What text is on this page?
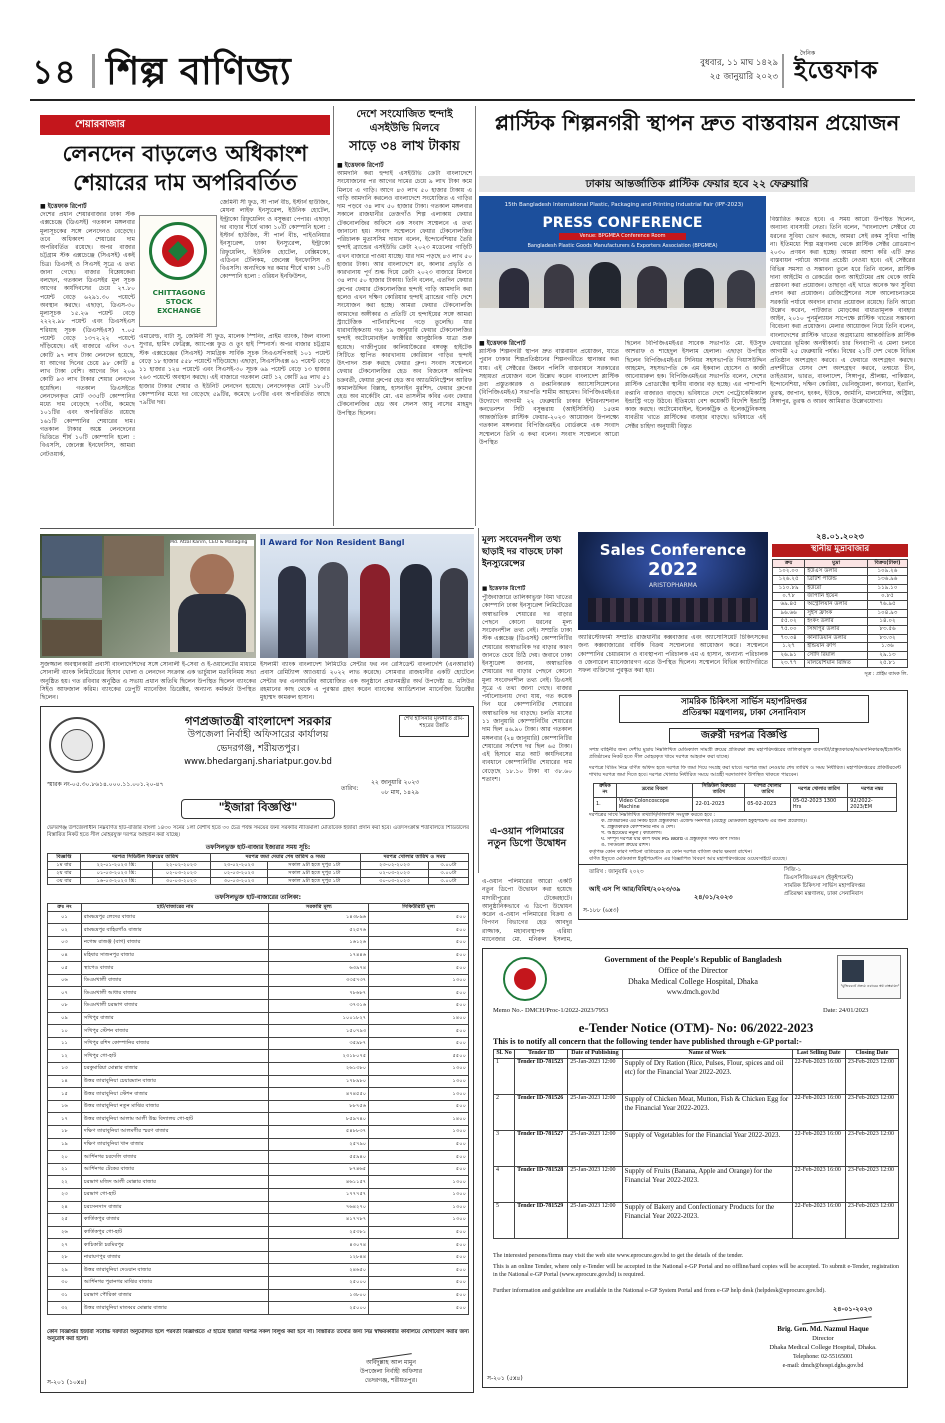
১৪ শিল্প বাণিজ্য	বুধবার, ১১ মাঘ ১৪২৯
২৫ জানুয়ারি ২০২৩
দৈনিক
ইত্তেফাক
শেয়ারবাজার
লেনদেন বাড়লেও অধিকাংশ শেয়ারের দাম অপরিবর্তিত
■ ইত্তেফাক রিপোর্ট
দেশের প্রধান শেয়ারবাজার ঢাকা স্টক এক্সচেঞ্জে (ডিএসই) গতকাল মঙ্গলবার মূল্যসূচকের সঙ্গে লেনদেনও বেড়েছে। তবে অধিকাংশ শেয়ারের দাম অপরিবর্তিত রয়েছে। অপর বাজার চট্টগ্রাম স্টক এক্সচেঞ্জে (সিএসই) একই চিত্র। ডিএসই ও সিএসই সূত্রে এ তথ্য জানা গেছে। বাজার বিশ্লেষকেরা বলছেন, গতকাল ডিএসইর মূল সূচক আগের কার্যদিবসের চেয়ে ২৭.৮০ পয়েন্ট বেড়ে ৬২৯১.৩০ পয়েন্টে অবস্থান করছে। এছাড়া, ডিএস-৩০ মূল্যসূচক ১৫.২৬ পয়েন্ট বেড়ে ২২২২.৯৮ পয়েন্ট এবং ডিএসইএস শরিয়াহ সূচক (ডিএসইএস) ৭.০৫ পয়েন্ট বেড়ে ১৩৭২.২২ পয়েন্টে দাঁড়িয়েছে। এই বাজারে এদিন ৩০৭ কোটি ৯৭ লাখ টাকা লেনদেন হয়েছে, যা আগের দিনের চেয়ে ৯৮ কোটি ৪ লাখ টাকা বেশি। আগের দিন ২০৯ কোটি ৯৩ লাখ টাকার শেয়ার লেনদেন হয়েছিল। গতকাল ডিএসইতে লেনদেনকৃত মোট ৩৩৫টি কোম্পানির মধ্যে দাম বেড়েছে ৭৩টির, কমেছে ১০১টির এবং অপরিবর্তিত রয়েছে ১৬১টি কোম্পানির শেয়ারের দাম। গতকাল টাকার অঙ্কে লেনদেনের ভিত্তিতে শীর্ষ ১০টি কোম্পানি হলো : বিএসসি, জেনেক্স ইনফোসিস, আমরা নেটওয়ার্ক,
CHITTAGONG STOCK EXCHANGE
জেমিনী সী ফুড, সী পার্ল বীচ, ইস্টার্ন হাউজিং, মেঘনা লাইফ ইনস্যুরেন্স, ইউনিক হোটেল, ইন্ট্রাকো রিফুয়েলিং ও বসুন্ধরা পেপার। এছাড়া দর বাড়ার শীর্ষে থাকা ১০টি কোম্পানি হলো : ইস্টার্ন হাউজিং, সী পার্ল বীচ, পাইওনিয়ার ইনস্যুরেন্স, ঢাকা ইনস্যুরেন্স, ইন্ট্রাকো রিফুয়েলিং, ইউনিক হোটেল, বেক্সিমকো, এডিএন টেলিকম, জেনেক্স ইনফোসিস ও বিএসসি। অন্যদিকে দর কমার শীর্ষে থাকা ১০টি কোম্পানি হলো : ওরিয়ন ইনফিউশন,
এমারেল্ড, বাটা সু, জেমিনী সী ফুড, মালেক স্পিনিং, প্রাইম ব্যাংক, জিল বাংলা সুগার, হামিদ ফেব্রিক্স, অ্যাপেক্স ফুড ও তুং হাই স্পিনার্স। অপর বাজার চট্টগ্রাম স্টক এক্সচেঞ্জের (সিএসই) সামগ্রিক সার্বিক সূচক সিএএসপিআই ১০১ পয়েন্ট বেড়ে ১৮ হাজার ৫৫৮ পয়েন্টে দাঁড়িয়েছে। এছাড়া, সিএসসিএক্স ৬১ পয়েন্ট বেড়ে ১১ হাজার ১২৪ পয়েন্টে এবং সিএসই-৩০ সূচক ৬৯ পয়েন্ট বেড়ে ১৩ হাজার ২৬৩ পয়েন্টে অবস্থান করছে। এই বাজারে গতকাল মোট ১২ কোটি ৯৪ লাখ ৫১ হাজার টাকার শেয়ার ও ইউনিট লেনদেন হয়েছে। লেনদেনকৃত মোট ১৮০টি কোম্পানির মধ্যে দর বেড়েছে ৫৯টির, কমেছে ৮৩টির এবং অপরিবর্তিত আছে ৭৯টির দর।
দেশে সংযোজিত হুন্দাই এসইউভি মিলবে
সাড়ে ৩৪ লাখ টাকায়
■ ইত্তেফাক রিপোর্ট
আমদানি করা হুন্দাই এসইউভি ক্রেটা বাংলাদেশে সংযোজনের পর আগের দামের চেয়ে ৯ লাখ টাকা কমে মিলবে এ গাড়ি। আগে ৪৩ লাখ ৫০ হাজার টাকায় এ গাড়ি আমদানি করলেও বাংলাদেশে সংযোজিত এ গাড়ির দাম পড়বে ৩৪ লাখ ৫০ হাজার টাকা। গতকাল মঙ্গলবার সকালে রাজধানীর তেজগাঁও শিল্প এলাকায় ফেয়ার টেকনোলজির অফিসে এক সংবাদ সম্মেলনে এ তথ্য জানানো হয়। সংবাদ সম্মেলনে ফেয়ার টেকনোলজির পরিচালক মুতাসসিম দায়ান বলেন, ইন্দোনেশিয়ার তৈরি হুন্দাই ব্র্যান্ডের এসইউভি ক্রেটা ২০২৩ মডেলের গাড়িটি এখন বাজারে পাওয়া যাচ্ছে। যার দাম পড়ছে ৪৩ লাখ ৫০ হাজার টাকা। আর বাংলাদেশে রং, কালার প্রভৃতি ও কারখানায় পূর্ণ শুল্ক দিয়ে ক্রেটা ২০২৩ বাজারে মিলবে ৩৪ লাখ ৫০ হাজার টাকায়। তিনি বলেন, এতদিন ফেয়ার গ্রুপের ফেয়ার টেকনোলজির হুন্দাই গাড়ি আমদানি করা হলেও এখন দক্ষিণ কোরিয়ার হুন্দাই ব্র্যান্ডের গাড়ি দেশে সংযোজন করা হচ্ছে। আমরা ফেয়ার টেকনোলজি আমাদের অঙ্গীকার ও প্রতিটি যে হুন্দাইয়ের সঙ্গে আমরা স্ট্র্যাটেজিক পার্টনারশিপের গড়ে তুলেছি। যার ধারাবাহিকতায় গত ১৯ জানুয়ারি ফেয়ার টেকনোলজির হুন্দাই অটোমোবাইল ফ্যাক্টরির আনুষ্ঠানিক যাত্রা শুরু হয়েছে। গাজীপুরের কালিয়াকৈরের বঙ্গবন্ধু হাইটেক সিটিতে স্থাপিত কারখানায় কোরিয়ান গাড়ির হুন্দাই উৎপাদন শুরু করছে ফেয়ার গ্রুপ। সংবাদ সম্মেলনে ফেয়ার টেকনোলজির হেড অব বিজনেস অরিন্দম চক্রবর্তী, ফেয়ার গ্রুপের হেড অব অ্যাডমিনিস্ট্রেশন আরিফ কামালউদ্দিন বিল্লাহ, হাসনাইন মুরশিদ, ফেয়ার গ্রুপের হেড অব মার্কেটিং মো. এম তাসলীম কবির এবং ফেয়ার টেকনোলজির হেড অব সেলস আবু নাসের মাহমুদ উপস্থিত ছিলেন।
প্লাস্টিক শিল্পনগরী স্থাপন দ্রুত বাস্তবায়ন প্রয়োজন
ঢাকায় আন্তর্জাতিক প্লাস্টিক ফেয়ার হবে ২২ ফেব্রুয়ারি
15th Bangladesh International Plastic, Packaging and Printing Industrial Fair (IPF-2023)
PRESS CONFERENCE
Venue: BPGMEA Conference Room
Bangladesh Plastic Goods Manufacturers & Exporters Association (BPGMEA)
বিস্তারিত করতে হবে। এ সময় আরো উপস্থিত ছিলেন, অন্যান্য ব্যবসায়ী নেতা। তিনি বলেন, "বাংলাদেশ সেক্টরে যে ধরনের সুবিধা ভোগ করছে, আমরা সেই রকম সুবিধা পাচ্ছি না। ইতিমধ্যে শিল্প মন্ত্রণালয় থেকে প্লাস্টিক সেক্টর রোডম্যাপ ২০৩০ প্রণয়ন করা হচ্ছে। আমরা আশা করি এটি দ্রুত বাস্তবায়ন পর্যায়ে আনার প্রচেষ্টা নেওয়া হবে। এই সেক্টরের বিভিন্ন সমস্যা ও সম্ভাবনা তুলে ধরে তিনি বলেন, প্লাস্টিক দানা আইটেম ও রেকর্ডের জন্য আইটেমের প্রশ্ন থেকে আমি প্রস্তাবনা করা প্রয়োজন। তাছাড়া এই খাতে অনেক ঋণ সুবিধা প্রদান করা প্রয়োজন। রেজিস্ট্রেশনের সঙ্গে আলোচনাক্রমে সরকারি পর্যায়ে অবদান রাখার প্রয়োজন রয়েছে। তিনি আরো উল্লেখ করেন, পাটজাত মোড়কের বাধ্যতামূলক ব্যবহার আইন, ২০১০ পুনর্মূল্যায়ন সাপেক্ষে প্লাস্টিক খাতের সম্ভাবনা বিবেচনা করা প্রয়োজন। মেলার আয়োজন নিয়ে তিনি বলেন, বাংলাদেশের প্লাস্টিক খাতের অগ্রযাত্রায় আন্তর্জাতিক প্লাস্টিক ফেয়ারের ভূমিকা অনস্বীকার্য। চার দিনব্যাপী এ মেলা চলবে আগামী ২৫ ফেব্রুয়ারি পর্যন্ত। বিশ্বের ২১টি দেশ থেকে বিভিন্ন প্রতিষ্ঠান অংশগ্রহণ করবে। এ ফেয়ারে অংশগ্রহণ করছে। প্রদর্শনীতে যেসব দেশ অংশগ্রহণ করবে, তন্মধ্যে চীন, তাইওয়ান, ভারত, বাংলাদেশ, সিঙ্গাপুর, শ্রীলঙ্কা, পাকিস্তান, ইন্দোনেশিয়া, দক্ষিণ কোরিয়া, ভেনিজুয়েলা, কানাডা, ইতালি, তুরস্ক, জাপান, হংকং, ইউকে, জার্মানি, মালয়েশিয়া, অস্ট্রিয়া, সিঙ্গাপুর, তুরস্ক ও আরব আমিরাত উল্লেখযোগ্য।
■ ইত্তেফাক রিপোর্ট
প্লাস্টিক শিল্পনগরী স্থাপন দ্রুত বাস্তবায়ন প্রয়োজন, যাতে পুরান ঢাকার শিল্পপ্রতিষ্ঠানের শিল্পনগরীতে স্থানান্তর করা যায়। এই সেক্টরের উন্নয়ন পলিসি বাস্তবায়নে সরকারের সহায়তা প্রয়োজন বলে উল্লেখ করেন বাংলাদেশ প্লাস্টিক দ্রব্য প্রস্তুতকারক ও রপ্তানিকারক অ্যাসোসিয়েশনের (বিপিজিএমইএ) সভাপতি শামীম আহমেদ। বিপিজিএমইএর উদ্যোগে আগামী ২২ ফেব্রুয়ারি ঢাকার ইন্টারন্যাশনাল কনভেনশন সিটি বসুন্ধরায় (আইসিসিবি) ১৫তম আন্তর্জাতিক প্লাস্টিক ফেয়ার-২০২৩ আয়োজন উপলক্ষ্যে গতকাল মঙ্গলবার বিপিজিএমইএ বোর্ডরুমে এক সংবাদ সম্মেলনে তিনি এ কথা বলেন। সংবাদ সম্মেলনে আরো উপস্থিত
ছিলেন বিপিজিএমইএর সাবেক সভাপতি মো. ইউসুফ আশরাফ ও শাহেদুল ইসলাম হেলাল। এছাড়া উপস্থিত ছিলেন বিপিজিএমইএর সিনিয়র সহসভাপতি গিয়াসউদ্দিন আহমেদ, সহসভাপতি কে এম ইকবাল হোসেন ও কাজী আনোয়ারুল হক। বিপিজিএমইএর সভাপতি বলেন, দেশের প্লাস্টিক প্রোডাক্টের স্থানীয় বাজার বড় হচ্ছে। এর পাশাপাশি রপ্তানি বাজারও বাড়ছে। ভবিষ্যতে দেশে পেট্রোকেমিক্যাল ইন্ডাস্ট্রি গড়ে উঠবে। ইতিমধ্যে বেশ কয়েকটি বিদেশি ইন্ডাস্ট্রি কাজ করছে। অটোমোবাইল, ইলেকট্রিক ও ইলেকট্রনিকসহ যাবতীয় খাতে প্লাস্টিকের ব্যবহার বাড়ছে। ভবিষ্যতে এই সেক্টর চাহিদা অনুযায়ী বিস্তৃত
Md. Afzal Karim, CEO & Managing	Il Award for Non Resident Bangl
সুজজ্জাল অবস্থানকারী প্রবাসী বাংলাদেশিদের সঙ্গে সোনালী ই-সেবা ও ই-ওয়ালেটের মাধ্যমে সোনালী ব্যাংক লিমিটেডের হিসাব খোলা ও লেনদেন সংক্রান্ত এক ভার্চুয়াল মতবিনিময় সভা অনুষ্ঠিত হয়। গত রবিবার অনুষ্ঠিত এ সভায় প্রধান অতিথি ছিলেন উপস্থিত ছিলেন ব্যাংকের সিইও আফজাল করিম। ব্যাংকের ডেপুটি ম্যানেজিং ডিরেক্টর, অন্যান্য কর্মকর্তা উপস্থিত ছিলেন।
ইসলামী ব্যাংক বাংলাদেশ লিমিটেড সেন্টার ফর নন রেসিডেন্ট বাংলাদেশি (এনআরবি) প্রবাস রেমিট্যান্স অ্যাওয়ার্ড ২০২২ লাভ করেছে। সোমবার রাজধানীর একটি হোটেলে সেন্টার ফর এনআরবির আয়োজিত এক অনুষ্ঠানে প্রধানমন্ত্রীর অর্থ উপদেষ্টা ড. মসিউর রহমানের কাছ থেকে এ পুরস্কার গ্রহণ করেন ব্যাংকের অ্যাডিশনাল ম্যানেজিং ডিরেক্টর মুহাম্মদ কামরুল হাসান।
মূল্য সংবেদনশীল তথ্য ছাড়াই দর বাড়ছে ঢাকা ইনস্যুরেন্সের
■ ইত্তেফাক রিপোর্ট
পুঁজিবাজারে তালিকাভুক্ত বিমা খাতের কোম্পানি ঢাকা ইনস্যুরেন্স লিমিটেডের অস্বাভাবিক শেয়ারের দর বাড়ার পেছনে কোনো ধরনের মূল্য সংবেদনশীল তথ্য নেই। সম্প্রতি ঢাকা স্টক এক্সচেঞ্জ (ডিএসই) কোম্পানিটির শেয়ারের অস্বাভাবিক দর বাড়ার কারণ জানতে চেয়ে চিঠি দেয়। জবাবে ঢাকা ইনস্যুরেন্স জানায়, অস্বাভাবিক শেয়ারের দর বাড়ার পেছনে কোনো মূল্য সংবেদনশীল তথ্য নেই। ডিএসই সূত্রে এ তথ্য জানা গেছে। বাজার পর্যালোচনায় দেখা যায়, গত কয়েক দিন ধরে কোম্পানিটির শেয়ারের অস্বাভাবিক দর বাড়ছে। চলতি মাসের ১১ জানুয়ারি কোম্পানিটির শেয়ারের দাম ছিল ৪৬.৯০ টাকা। আর গতকাল মঙ্গলবার (২৪ জানুয়ারি) কোম্পানিটির শেয়ারের সর্বশেষ দর ছিল ৬৫ টাকা। এই হিসাবে মাত্র আট কার্যদিবসের ব্যবধানে কোম্পানিটির শেয়ারের দাম বেড়েছে ১৮.১০ টাকা বা ৩৮.৬০ শতাংশ।
Sales Conference
2022
ARISTOPHARMA
অ্যারিস্টোফার্মা সম্প্রতি রাজধানীর কক্সবাজার এবং অ্যাসোসিয়েট চিকিৎসকের জন্য কক্সবাজারের বার্ষিক বিক্রয় সম্মেলনের আয়োজন করে। সম্মেলনে কোম্পানির চেয়ারম্যান ও ব্যবস্থাপনা পরিচালক এম এ হাসান, অন্যান্য পরিচালক ও জেনারেল ম্যানেজারগণ এতে উপস্থিত ছিলেন। সম্মেলনে বিভিন্ন ক্যাটাগরিতে সফল ব্যক্তিদের পুরস্কৃত করা হয়।
২৪.০১.২০২৩
স্থানীয় মুদ্রাবাজার
ক্রয়	মুদ্রা	বিক্রয়(টাকা)
১০২.০০	ইউএস ডলার	১০৯.২৬
১২৬.২৫	ব্রিটিশ পাউন্ড	১৩৬.৯৬
১১০.৮৯	ইউরো	১১৯.১০
০.৭৮	জাপানি ইয়েন	০.৮৫
৬৯.৪৫	অস্ট্রেলিয়ান ডলার	৭৬.৯৫
৯৬.৬৬	সুইস ফ্রাংক	১০৪.৯৩
৫৫.০২	হংকং ডলার	১৪.০২
৭৫.০০	সিঙ্গাপুর ডলার	৮৩.৫৬
৭৩.৩৪	কানাডিয়ান ডলার	৮৩.৩২
১.২৭	ইন্ডিয়ান রুপি	১.৩৬
২৬.৯১	সৌদি রিয়াল	২৯.১৩
২৩.৭৭	মালয়েশিয়ান রিঙ্গিত	২৫.৮১
সূত্র : প্রাইম ব্যাংক লি.
সামরিক চিকিৎসা সার্ভিস মহাপরিদপ্তর
প্রতিরক্ষা মন্ত্রণালয়, ঢাকা সেনানিবাস
জরুরী দরপত্র বিজ্ঞপ্তি
সশস্ত্র বাহিনীর জন্য দেশীয় মুদ্রায় নিম্নলিখিত মেডিক্যাল সামগ্রী ক্রয়ের প্রতিরক্ষা ক্রয় মহাপরিদপ্তরের তালিকাভুক্ত ব্যবসায়ী/প্রস্তুতকারক/আমদানিকারক/ইন্ডেন্টিং প্রতিষ্ঠানের নিকট হতে সীল মোহরকৃত খামে দরপত্র আহবান করা যাচ্ছে।
দরপত্রে বিডিং নিম্নে বর্ণিত অফিস হতে দরপত্র ফি জমা দিয়ে সংগ্রহ করা যাবে। দরপত্র জমা নেওয়ার শেষ তারিখ ও সময় নির্ধারিত। মহাপরিদপ্তরের প্রকিউরমেন্ট শাখায় দরপত্র জমা দিতে হবে। দরপত্র খোলার নির্ধারিত সময়ে আগ্রহী দরদাতাগণ উপস্থিত থাকতে পারবেন।
ক্রমিক নং	দ্রব্যের বিবরণ	সিডিউল বিক্রয়ের তারিখ	দরপত্র খোলার তারিখ	দরপত্র খোলার তারিখ	দরপত্র নম্বর
1.	Video Coloncoscope Machine	22-01-2023	05-02-2023	05-02-2023 1300 Hrs	92/2022-2023/EM
দরপত্রের সাথে নিম্নলিখিত তথ্যাদি/দলিলাদি সংযুক্ত করতে হবে :
ক. প্রতিষ্ঠানের এর নিকট হতে প্রস্তুতকারী এজেন্ট সনদপত্র (যেহেতু মেডিক্যাল ইকুইপমেন্ট এর জন্য প্রযোজ্য)।
খ. প্রস্তুতকারক কোম্পানীর নাম ও দেশ।
গ. আইটেমের নমুনা / ক্যাটালগ।
ঘ. সম্পূর্ণ দরপত্র যার কপি ফরম MS Word এ প্রস্তুতকৃত সফট কপি সিডি।
ঙ. সিডিউল ক্রয়ের রশিদ।
কর্তৃপক্ষ কোন কারণ দর্শানো ব্যতিরেকে যে কোন দরপত্র বাতিল করার ক্ষমতা রাখেন।
বর্ণিত ইস্যুতে মেডিক্যাল ইকুইপমেন্টস এর বিজ্ঞাপিত বিবরণ আর মহাপরিদপ্তরের ওয়েবসাইটে রয়েছে।
তারিখ : জানুয়ারি ২০২৩
আই এস পি আর/বিবিধ/২০২৩/৩৯
২৪/০১/২০২৩
সিজি-১
ডিএসসিজিএমএস (ইকুইপমেন্ট)
সামরিক চিকিৎসা সার্ভিস মহাপরিদপ্তর
প্রতিরক্ষা মন্ত্রণালয়, ঢাকা সেনানিবাস
স-১৮৮ (৬x৩)
এ-ওয়ান পলিমারের নতুন ডিপো উদ্বোধন
এ-ওয়ান পলিমারের আরো একটি নতুন ডিপো উদ্বোধন করা হয়েছে মাদারীপুরের টেকেরহাটে। আনুষ্ঠানিকভাবে এ ডিপো উদ্বোধন করেন এ-ওয়ান পলিমারের বিক্রয় ও বিপণন বিভাগের হেড আবদুর রাজ্জাক, মহাব্যবস্থাপক এরিয়া ম্যানেজার মো. মনিরুল ইসলাম,
গণপ্রজাতন্ত্রী বাংলাদেশ সরকার
উপজেলা নির্বাহী অফিসারের কার্যালয়
ভেদরগঞ্জ, শরীয়তপুর।
www.bhedarganj.shariatpur.gov.bd
শেখ হাসিনার মূলনীতি গ্রাম-শহরের উন্নতি
স্মারক নং-০৫.৩০.৮৬১৪.০০০.১১.০০১.২০-৪৭
তারিখ:
২২ জানুয়ারি ২০২৩
০৮ মাঘ, ১৪২৯
"ইজারা বিজ্ঞপ্তি"
ভেদরগঞ্জ উপজেলাধীন নিম্নবর্ণিত হাট-বাজার বাংলা ১৪৩০ সনের ১লা বৈশাখ হতে ৩০ চৈত্র পর্যন্ত সময়ের জন্য সরকারি নীতিমালা মোতাবেক ইজারা প্রদান করা হবে। এতদসংক্রান্ত শর্তাবলিতে শিডিউলের বিস্তারিত নিকট হতে সীল মোহরযুক্ত দরপত্র আহবান করা যাচ্ছে।
তফসিলভুক্ত হাট-বাজার ইজারার সময় সূচি:
বিজ্ঞপ্তি	দরপত্র সিডিউল বিক্রয়ের তারিখ		দরপত্র জমা দেয়ার শেষ তারিখ ও সময়		দরপত্র খোলার তারিখ ও সময়	
১ম বার	২২-০১-২০২৩ খ্রি:	২২-০২-২০২৩	২৩-০২-২০২৩	সকাল ৯টা হতে দুপুর ১টা	২৩-০২-২০২৩	৩.০০টা
২য় বার	০১-০৩-২০২৩ খ্রি:	০২-০৩-২০২৩	০২-০৩-২০২৩	সকাল ৯টা হতে দুপুর ১টা	০২-০৩-২০২৩	৩.০০টা
৩য় বার	১৬-০৩-২০২৩ খ্রি:	৩০-০৩-২০২৩	৩০-০৩-২০২৩	সকাল ৯টা হতে দুপুর ১টা	৩০-০৩-২০২৩	৩.০০টা
তফসিলভুক্ত হাট-বাজারের তালিকা:
ক্রঃ নং	হাট/বাজারের নাম	সরকারি মূল্য	সিকিউরিটি মূল্য
০১	রামভদ্রপুর লেদের বাজার	১৪৩৮৯৬	৫০০
০২	রামভদ্রপুর বাহিরগাঁও বাজার	৫২৫৭৬	৫০০
০৩	নগেন্দ্র রাজঞ্জ (বাগ) বাজার	১৬১২৬	৫০০
০৪	মহিষার সাজনপুর বাজার	১৭৪৪৬	৫০০
০৫	স্থাপেও বাজার	৬৩৯৭৪	৫০০
০৬	ডিএমখালী বাজার	৩৩৫৭৩৭	১৩০০
০৭	ডিএমখালী আধার বাজার	৭৮৬৮৭	৫০০
০৮	ডিএমখালী চরভাগ বাজার	৩৭৩১৬	৫০০
০৯	সখিপুর বাজার	১০০১৮২৭	১৪০০
১০	সখিপুর স্টেশন বাজার	১৫০৭৯৩	৫০০
১১	সখিপুর রশিদ কোম্পানির বাজার	৩৫৯৮৭	৫০০
১২	সখিপুর গো-হাট	২৩১৮০৭৫	৫৫০০
১৩	চরকুমারিয়া মোল্লার বাজার	২৬১৩৮০	১৩০০
১৪	উত্তর তারাবুনিয়া চেয়ারম্যান বাজার	১৭৮৯৮০	১৩০০
১৫	উত্তর তারাবুনিয়া স্টেশন বাজার	৪৭৪৫৫০	১৩০০
১৬	উত্তর তারাবুনিয়া নতুন মাঝির বাজার	৮৮৭৫৬	৫০০
১৭	উত্তর তারাবুনিয়া আলাম আলী উচ্চ বিদ্যালয় গো-হাট	৮৫৯৭৪০	১৪০০
১৮	দক্ষিণ তারাবুনিয়া আলমগীর স্মরণ বাজার	৫৪৮৮৩৭	১৩০০
১৯	দক্ষিণ তারাবুনিয়া খান বাজার	২৫৭৯০	৫০০
২০	আর্শিনগর চরদেলি বাজার	৫৫৯৪০	৫০০
২১	আর্শিনগর টেকের বাজার	৮৭৪৬৫	৫০০
২২	চরভাগ মজিদ আলী মোল্লার বাজার	৪৬১১৫৭	১৩০০
২৩	চরভাগ গো-হাট	১৭৭৭৫৭	১৩০০
২৪	চরসেনসাস বাজার	৭৬৪২৭০	১৩০০
২৫	কার্তিকপুর বাজার	৪১৭৭৮৭	১৩০০
২৬	কার্তিকপুর গো-হাট	২৫৩৮১	৫০০
২৭	কাচিকাটা চরমিরপুর	৪৩০৭৪	৫০০
২৮	নারায়ণপুর বাজার	১২৮৪৪	৫০০
২৯	উত্তর তারাবুনিয়া দেওয়ান বাজার	২৪৬৫০	৫০০
৩০	আর্শিনগর পুরানগর মাঝির বাজার	২৫০০০	৫০০
৩১	চরভাগ পৌরিকা বাজার	১৩৮০০	৫০০
৩২	উত্তর তারাবুনিয়া মাতব্বর মোল্লার বাজার	২৫০০০	৫০০
কোন বিজ্ঞপ্তির ইজারা সর্বোচ্চ দরদাতা অনুমোদিত হলে পরবর্তী বিজ্ঞপ্তিতে ঐ হাটের ইজারা দরপত্র সকল বিলুপ্ত করা হবে না। বিস্তারিত তথ্যের জন্য নিম্ন স্বাক্ষরকারীর কার্যালয়ে যোগাযোগ করার জন্য অনুরোধ করা হলো।
আবদুল্লাহ আল মামুন
উপজেলা নির্বাহী অফিসার
ভেদরগঞ্জ, শরীয়তপুর।
স-২০১ (১০x৪)
Government of the People's Republic of Bangladesh
Office of the Director
Dhaka Medical College Hospital, Dhaka
www.dmch.gov.bd
"মুজিববর্ষে প্রত্যয় এবারের স্বপ্ন বাস্তবায়ন"
Memo No.- DMCH/Proc-1/2022-2023/7953	Date: 24/01/2023
e-Tender Notice (OTM)- No: 06/2022-2023
This is to notify all concern that the following tender have published through e-GP portal:-
Sl. No	Tender ID	Date of Publishing	Name of Work	Last Selling Date	Closing Date
1	Tender ID-781523	25-Jan-2023 12:00	Supply of Dry Ration (Rice, Pulses, Flour, spices and oil etc) for the Financial Year 2022-2023.	22-Feb-2023 16:00	23-Feb-2023 12:00
2	Tender ID-781526	25-Jan-2023 12:00	Supply of Chicken Meat, Mutton, Fish & Chicken Egg for the Financial Year 2022-2023.	22-Feb-2023 16:00	23-Feb-2023 12:00
3	Tender ID-781527	25-Jan-2023 12:00	Supply of Vegetables for the Financial Year 2022-2023.	22-Feb-2023 16:00	23-Feb-2023 12:00
4	Tender ID-781528	25-Jan-2023 12:00	Supply of Fruits (Banana, Apple and Orange) for the Financial Year 2022-2023.	22-Feb-2023 16:00	23-Feb-2023 12:00
5	Tender ID-781529	25-Jan-2023 12:00	Supply of Bakery and Confectionary Products for the Financial Year 2022-2023.	22-Feb-2023 16:00	23-Feb-2023 12:00
The interested persons/firms may visit the web site www.eprocure.gov.bd to get the details of the tender.
This is an online Tender, where only e-Tender will be accepted in the National e-GP Portal and no offline/hard copies will be accepted. To submit e-Tender, registration in the National e-GP Portal (www.eprocure.gov.bd) is required.
Further information and guideline are available in the National e-GP System Portal and from e-GP help desk (helpdesk@eprocure.gov.bd).
২৪-০১-২০২৩
Brig. Gen. Md. Nazmul Haque
Director
Dhaka Medical College Hospital, Dhaka.
Telephone: 02-55165001
e-mail: dmch@hospi.dghs.gov.bd
স-২০১ (৫x৪)
